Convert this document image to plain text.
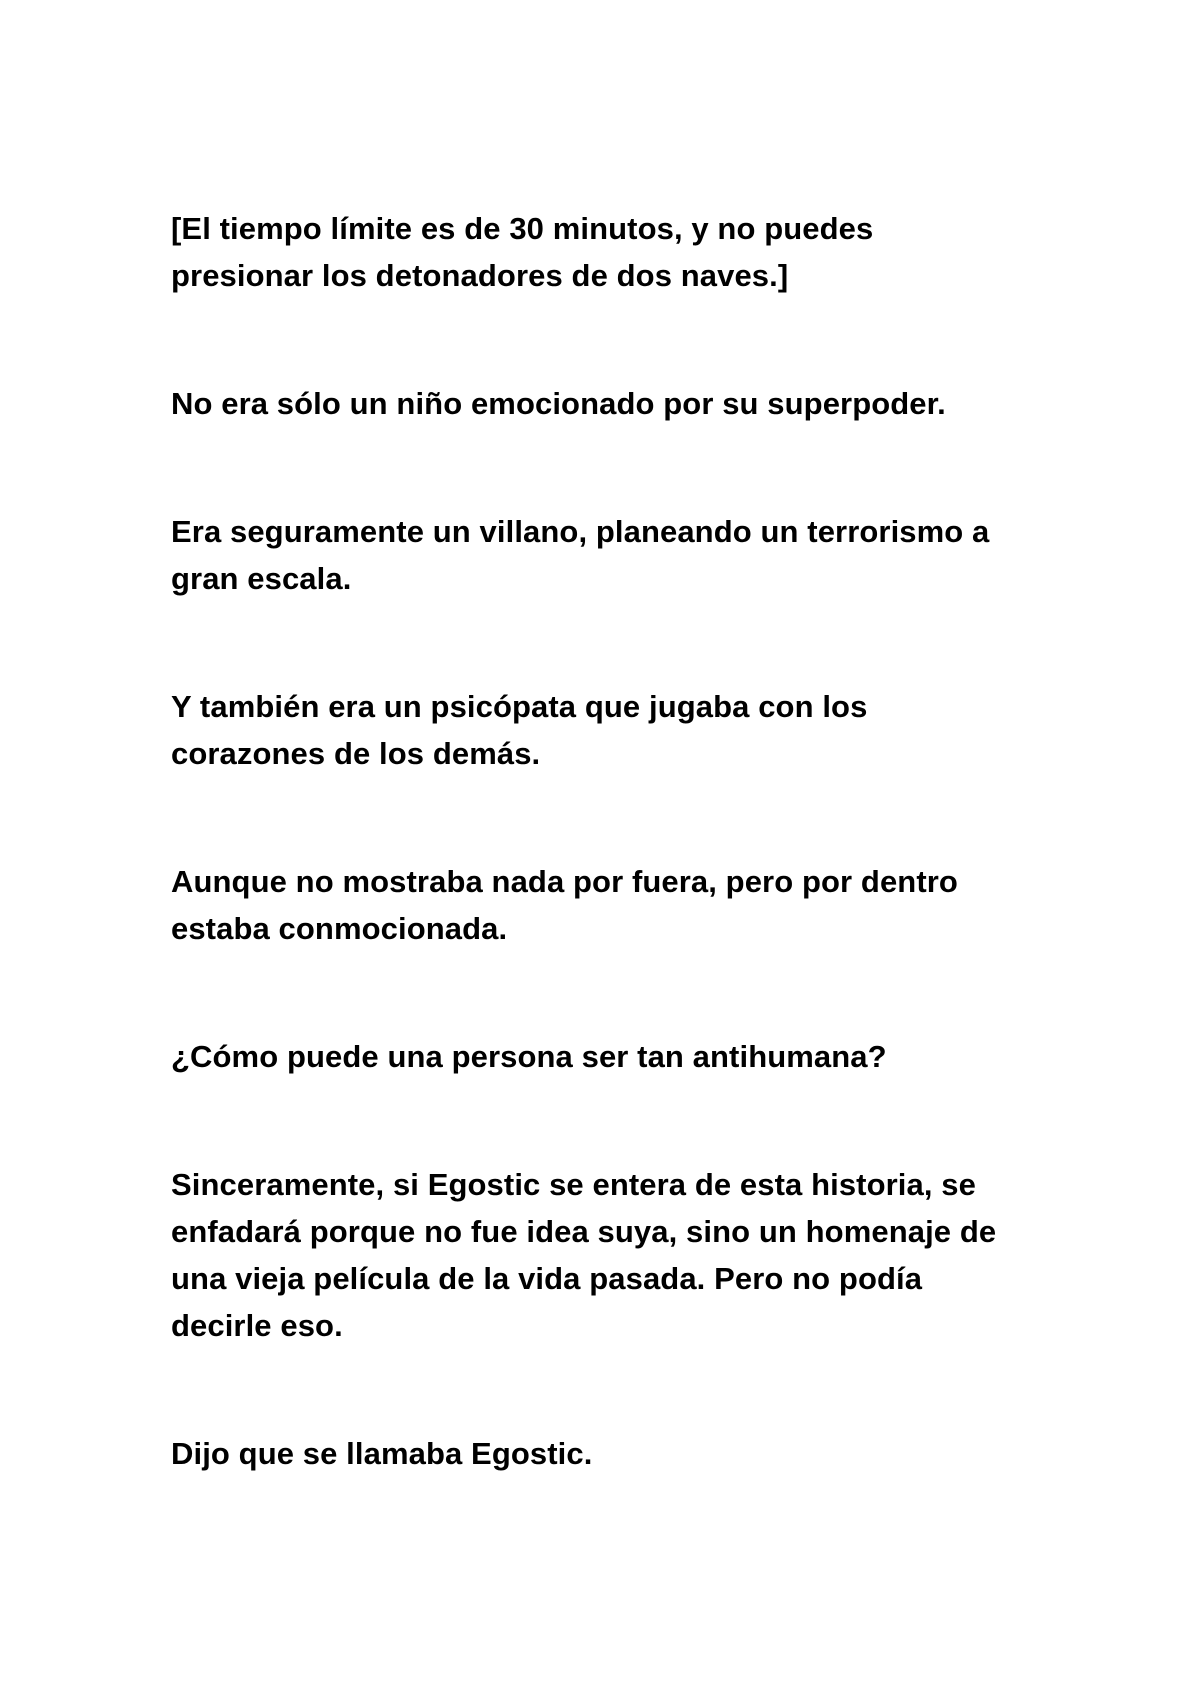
[El tiempo límite es de 30 minutos, y no puedes
presionar los detonadores de dos naves.]

No era sólo un niño emocionado por su superpoder.

Era seguramente un villano, planeando un terrorismo a
gran escala.

Y también era un psicópata que jugaba con los
corazones de los demás.

Aunque no mostraba nada por fuera, pero por dentro
estaba conmocionada.

¿Cómo puede una persona ser tan antihumana?

Sinceramente, si Egostic se entera de esta historia, se
enfadará porque no fue idea suya, sino un homenaje de
una vieja película de la vida pasada. Pero no podía
decirle eso.

Dijo que se llamaba Egostic.
